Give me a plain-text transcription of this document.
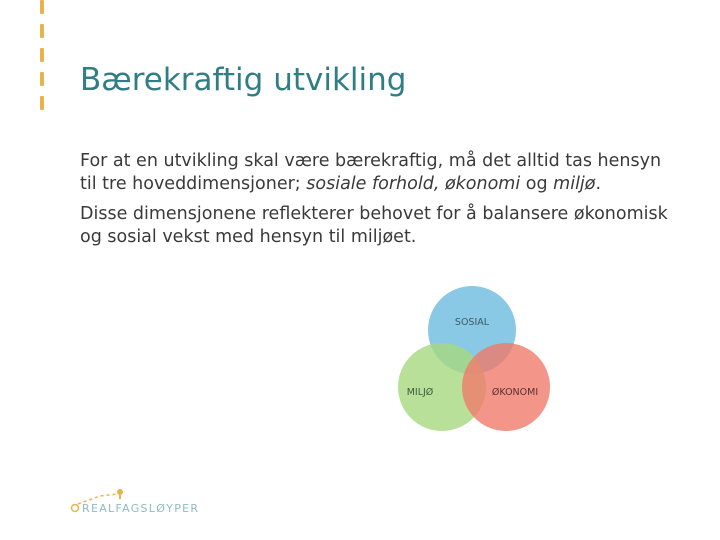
Bærekraftig utvikling

For at en utvikling skal være bærekraftig, må det alltid tas hensyn til tre hoveddimensjoner; sosiale forhold, økonomi og miljø.

Disse dimensjonene reflekterer behovet for å balansere økonomisk og sosial vekst med hensyn til miljøet.

SOSIAL
MILJØ	ØKONOMI
REALFAGSLØYPER
